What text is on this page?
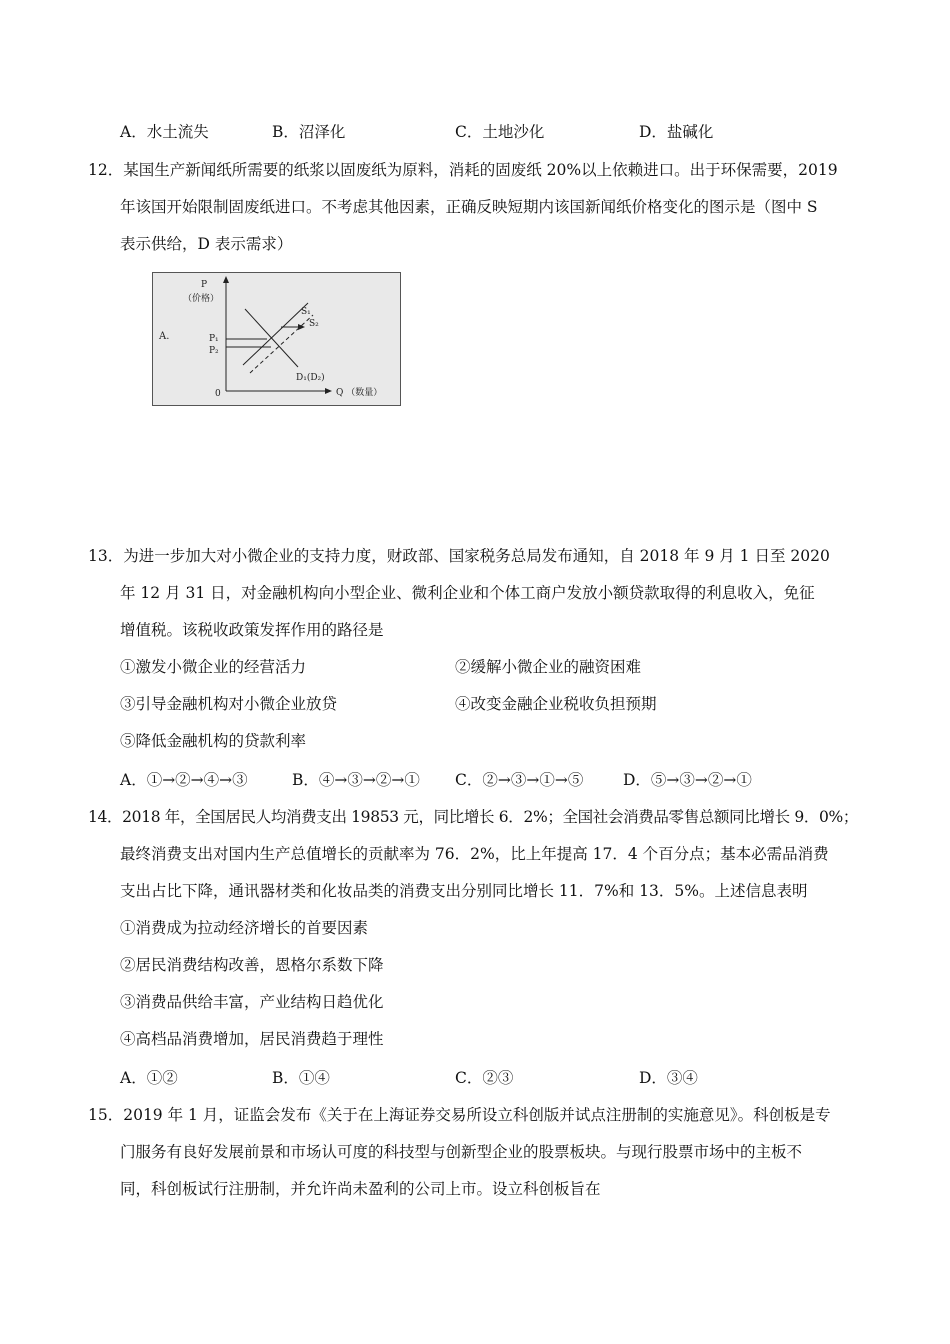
A．水土流失	B．沼泽化	C．土地沙化	D．盐碱化
12．某国生产新闻纸所需要的纸浆以固废纸为原料，消耗的固废纸 20%以上依赖进口。出于环保需要，2019
年该国开始限制固废纸进口。不考虑其他因素，正确反映短期内该国新闻纸价格变化的图示是（图中 S
表示供给，D 表示需求）
P
（价格）
A.	P₁
P₂
0
S₁
S₂
D₁(D₂)
Q （数量）
13．为进一步加大对小微企业的支持力度，财政部、国家税务总局发布通知，自 2018 年 9 月 1 日至 2020
年 12 月 31 日，对金融机构向小型企业、微利企业和个体工商户发放小额贷款取得的利息收入，免征
增值税。该税收政策发挥作用的路径是
①激发小微企业的经营活力	②缓解小微企业的融资困难
③引导金融机构对小微企业放贷	④改变金融企业税收负担预期
⑤降低金融机构的贷款利率
A．①→②→④→③	B．④→③→②→① C．②→③→①→⑤	D．⑤→③→②→①
14．2018 年，全国居民人均消费支出 19853 元，同比增长 6．2%；全国社会消费品零售总额同比增长 9．0%；
最终消费支出对国内生产总值增长的贡献率为 76．2%，比上年提高 17．4 个百分点；基本必需品消费
支出占比下降，通讯器材类和化妆品类的消费支出分别同比增长 11．7%和 13．5%。上述信息表明
①消费成为拉动经济增长的首要因素
②居民消费结构改善，恩格尔系数下降
③消费品供给丰富，产业结构日趋优化
④高档品消费增加，居民消费趋于理性
A．①②	B．①④	C．②③	D．③④
15．2019 年 1 月，证监会发布《关于在上海证券交易所设立科创版并试点注册制的实施意见》。科创板是专
门服务有良好发展前景和市场认可度的科技型与创新型企业的股票板块。与现行股票市场中的主板不
同，科创板试行注册制，并允许尚未盈利的公司上市。设立科创板旨在
